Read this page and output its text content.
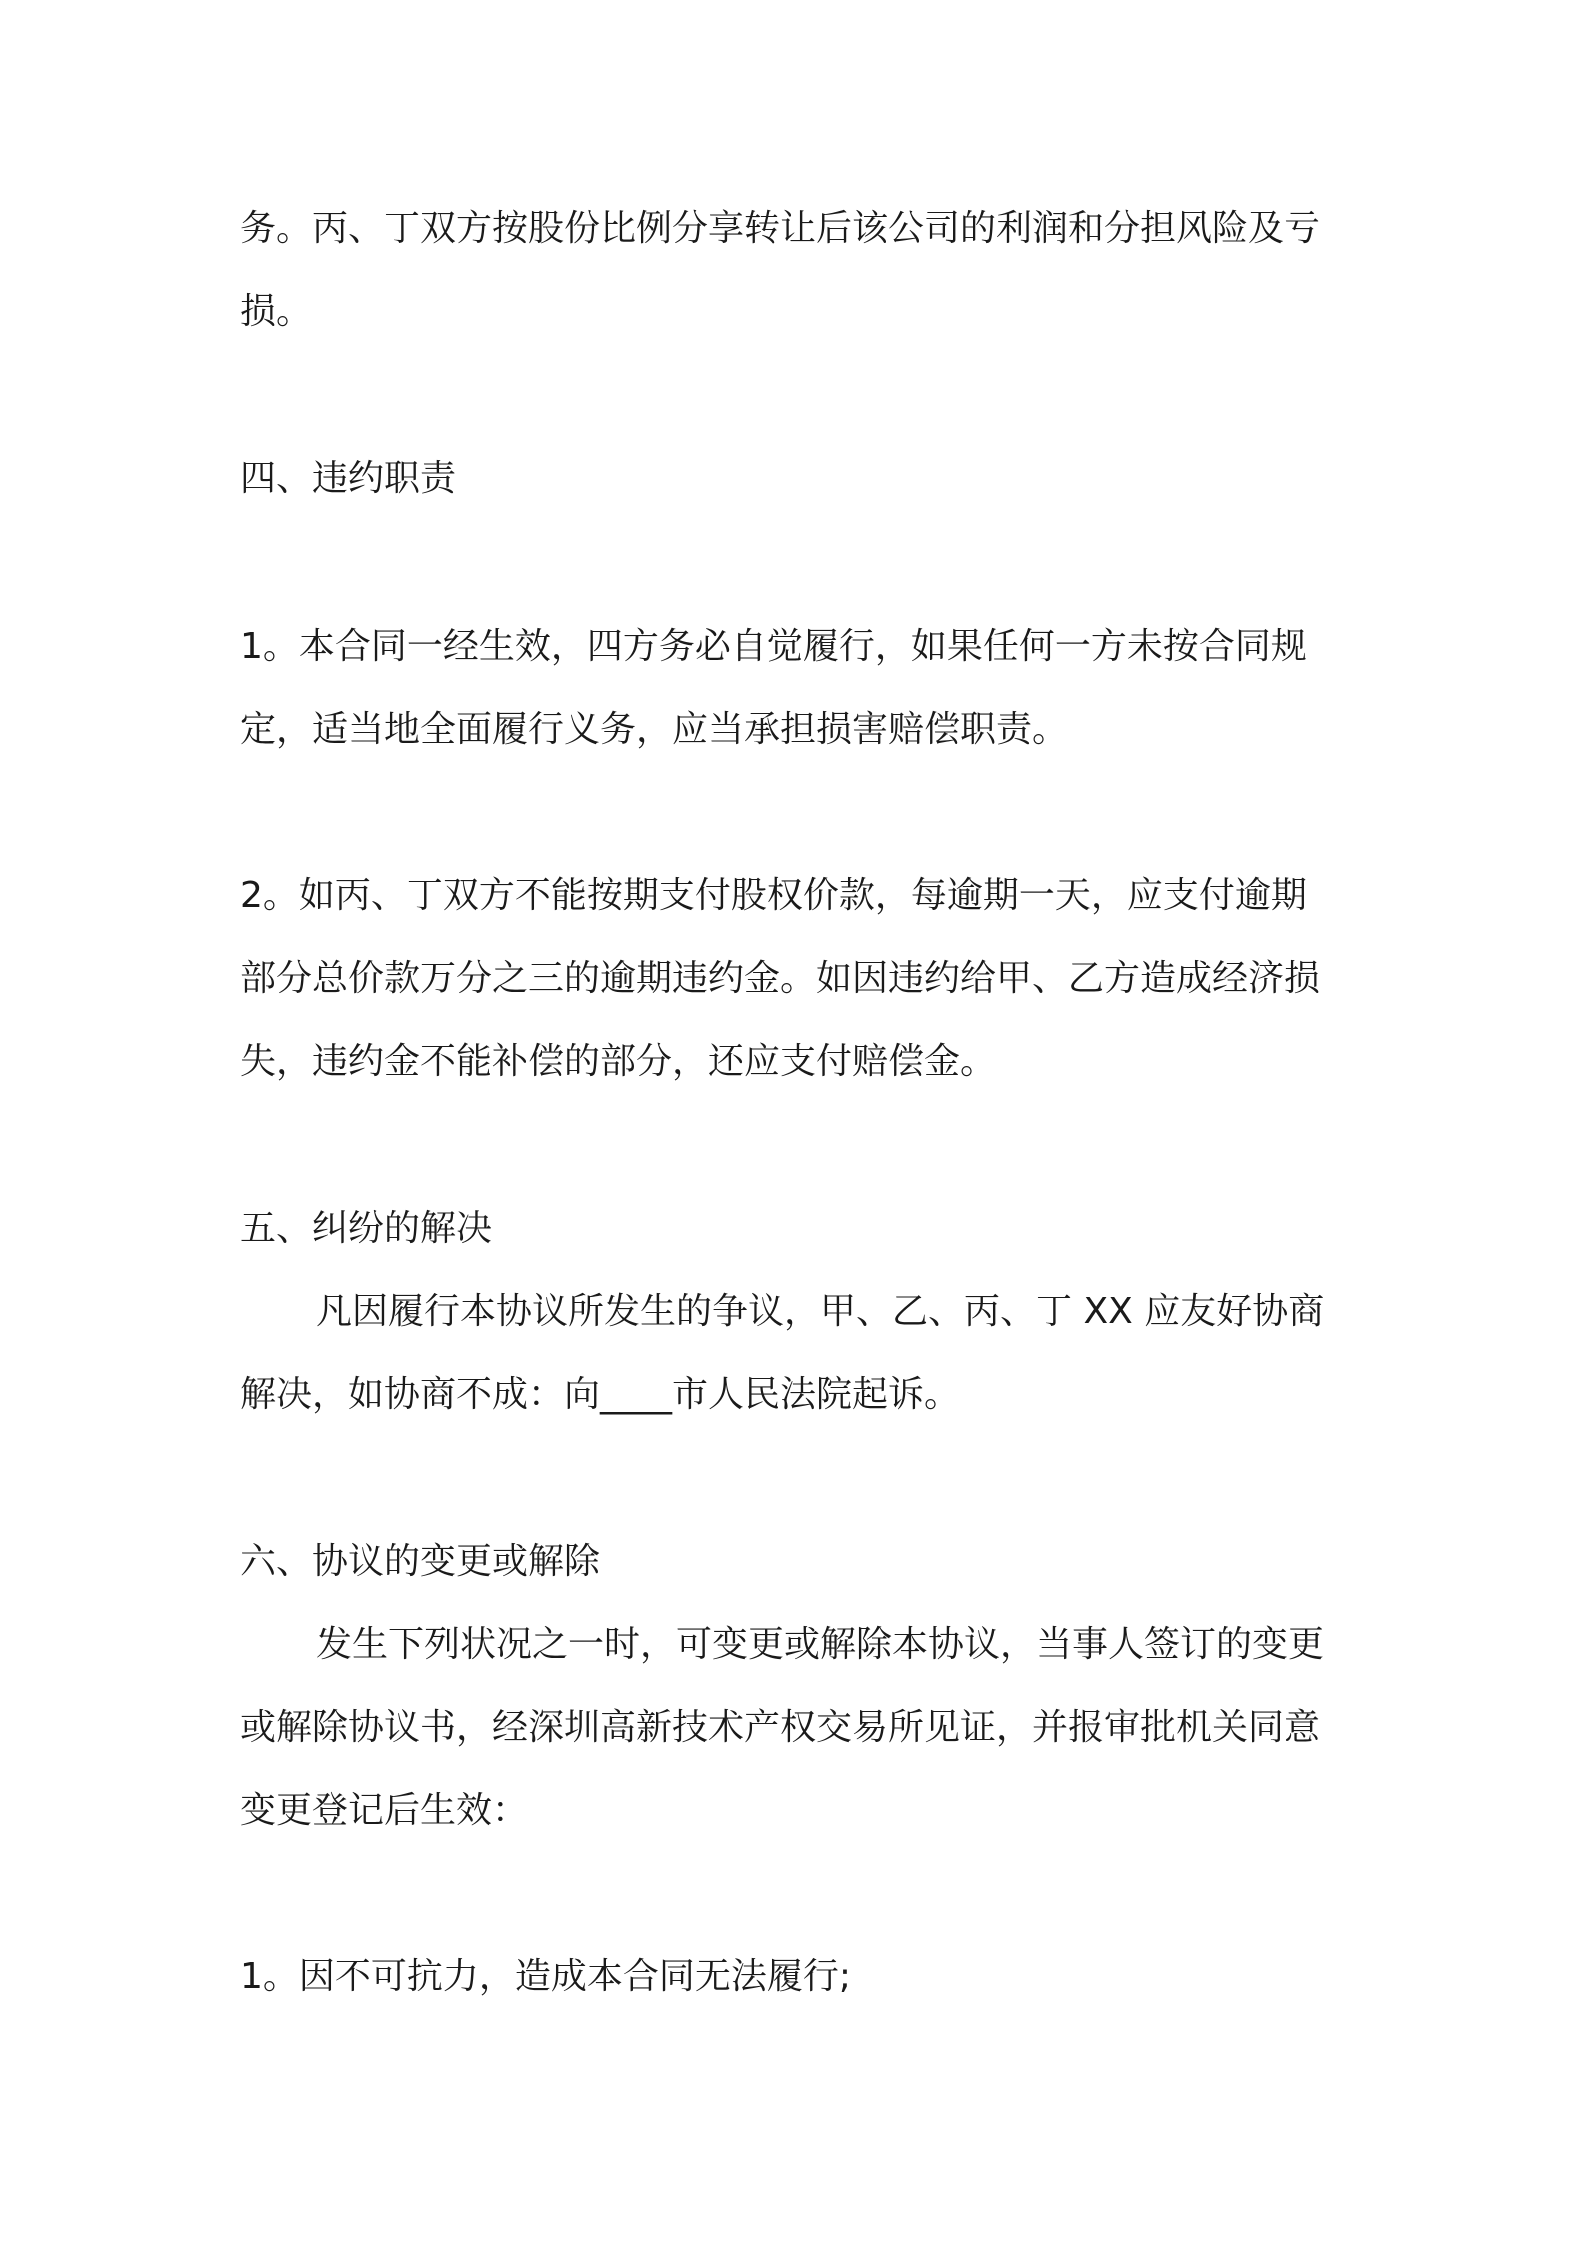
务。丙、丁双方按股份比例分享转让后该公司的利润和分担风险及亏

损。

四、违约职责

1。本合同一经生效，四方务必自觉履行，如果任何一方未按合同规

定，适当地全面履行义务，应当承担损害赔偿职责。

2。如丙、丁双方不能按期支付股权价款，每逾期一天，应支付逾期

部分总价款万分之三的逾期违约金。如因违约给甲、乙方造成经济损

失，违约金不能补偿的部分，还应支付赔偿金。

五、纠纷的解决

凡因履行本协议所发生的争议，甲、乙、丙、丁 XX 应友好协商

解决，如协商不成：向____市人民法院起诉。

六、协议的变更或解除

发生下列状况之一时，可变更或解除本协议，当事人签订的变更

或解除协议书，经深圳高新技术产权交易所见证，并报审批机关同意

变更登记后生效：

1。因不可抗力，造成本合同无法履行;
